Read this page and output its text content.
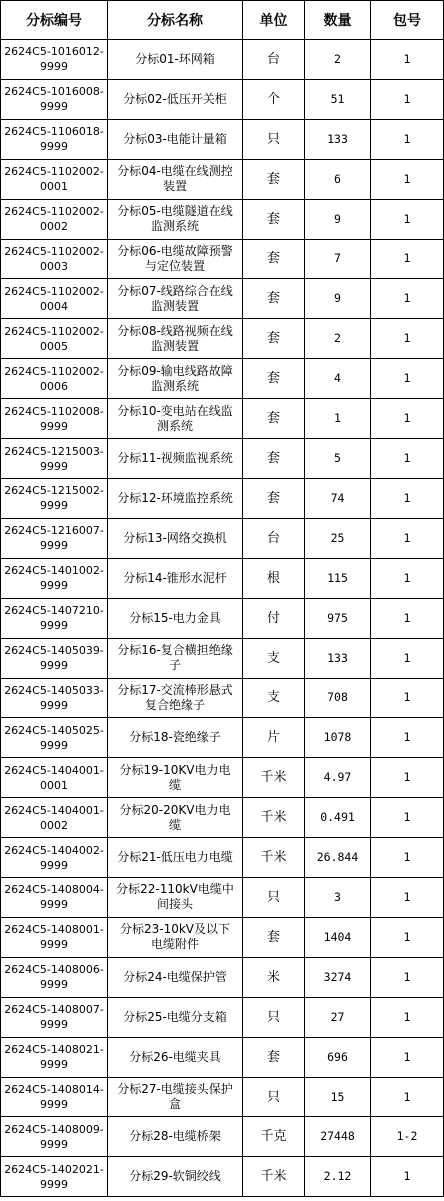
分标编号	分标名称	单位	数量	包号
2624C5-1016012-9999	分标01-环网箱	台	2	1
2624C5-1016008-9999	分标02-低压开关柜	个	51	1
2624C5-1106018-9999	分标03-电能计量箱	只	133	1
2624C5-1102002-0001	分标04-电缆在线测控装置	套	6	1
2624C5-1102002-0002	分标05-电缆隧道在线监测系统	套	9	1
2624C5-1102002-0003	分标06-电缆故障预警与定位装置	套	7	1
2624C5-1102002-0004	分标07-线路综合在线监测装置	套	9	1
2624C5-1102002-0005	分标08-线路视频在线监测装置	套	2	1
2624C5-1102002-0006	分标09-输电线路故障监测系统	套	4	1
2624C5-1102008-9999	分标10-变电站在线监测系统	套	1	1
2624C5-1215003-9999	分标11-视频监视系统	套	5	1
2624C5-1215002-9999	分标12-环境监控系统	套	74	1
2624C5-1216007-9999	分标13-网络交换机	台	25	1
2624C5-1401002-9999	分标14-锥形水泥杆	根	115	1
2624C5-1407210-9999	分标15-电力金具	付	975	1
2624C5-1405039-9999	分标16-复合横担绝缘子	支	133	1
2624C5-1405033-9999	分标17-交流棒形悬式复合绝缘子	支	708	1
2624C5-1405025-9999	分标18-瓷绝缘子	片	1078	1
2624C5-1404001-0001	分标19-10KV电力电缆	千米	4.97	1
2624C5-1404001-0002	分标20-20KV电力电缆	千米	0.491	1
2624C5-1404002-9999	分标21-低压电力电缆	千米	26.844	1
2624C5-1408004-9999	分标22-110kV电缆中间接头	只	3	1
2624C5-1408001-9999	分标23-10kV及以下电缆附件	套	1404	1
2624C5-1408006-9999	分标24-电缆保护管	米	3274	1
2624C5-1408007-9999	分标25-电缆分支箱	只	27	1
2624C5-1408021-9999	分标26-电缆夹具	套	696	1
2624C5-1408014-9999	分标27-电缆接头保护盒	只	15	1
2624C5-1408009-9999	分标28-电缆桥架	千克	27448	1-2
2624C5-1402021-9999	分标29-软铜绞线	千米	2.12	1
